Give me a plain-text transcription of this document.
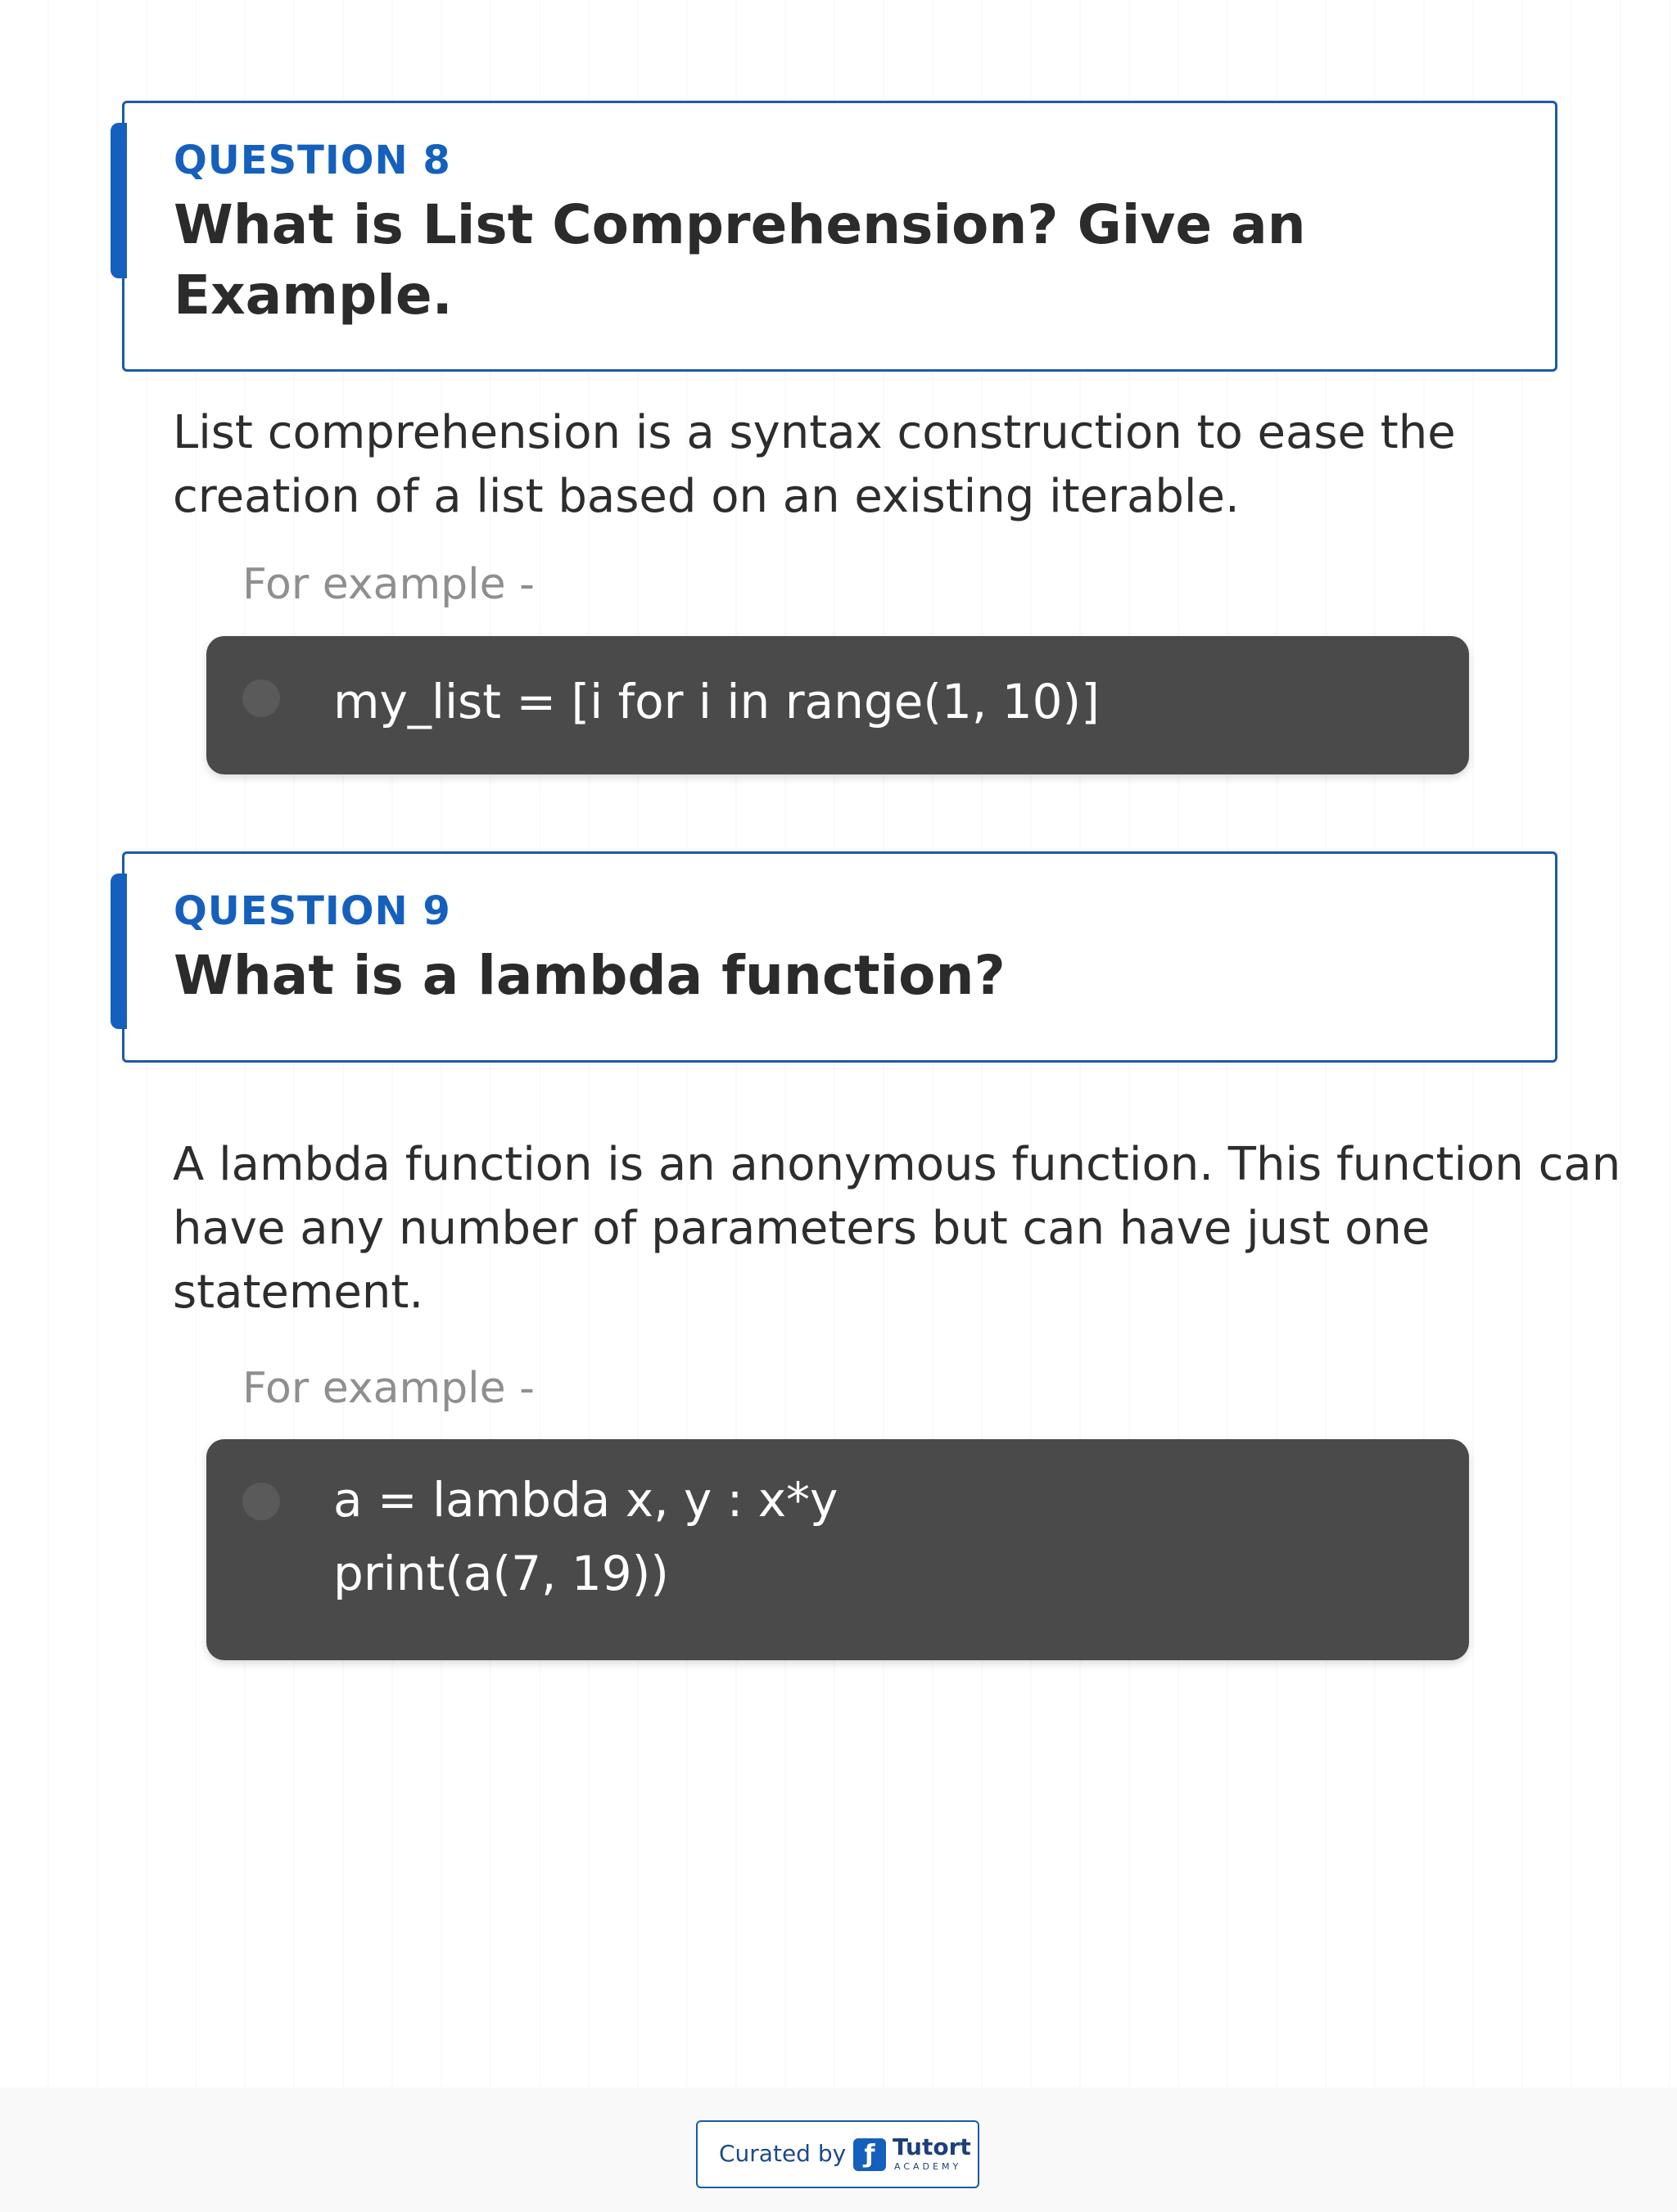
QUESTION 8
What is List Comprehension? Give an Example.
List comprehension is a syntax construction to ease the creation of a list based on an existing iterable.
For example -
my_list = [i for i in range(1, 10)]
QUESTION 9
What is a lambda function?
A lambda function is an anonymous function. This function can have any number of parameters but can have just one statement.
For example -
a = lambda x, y : x*y
print(a(7, 19))
Curated by ƒ Tutort
ACADEMY
